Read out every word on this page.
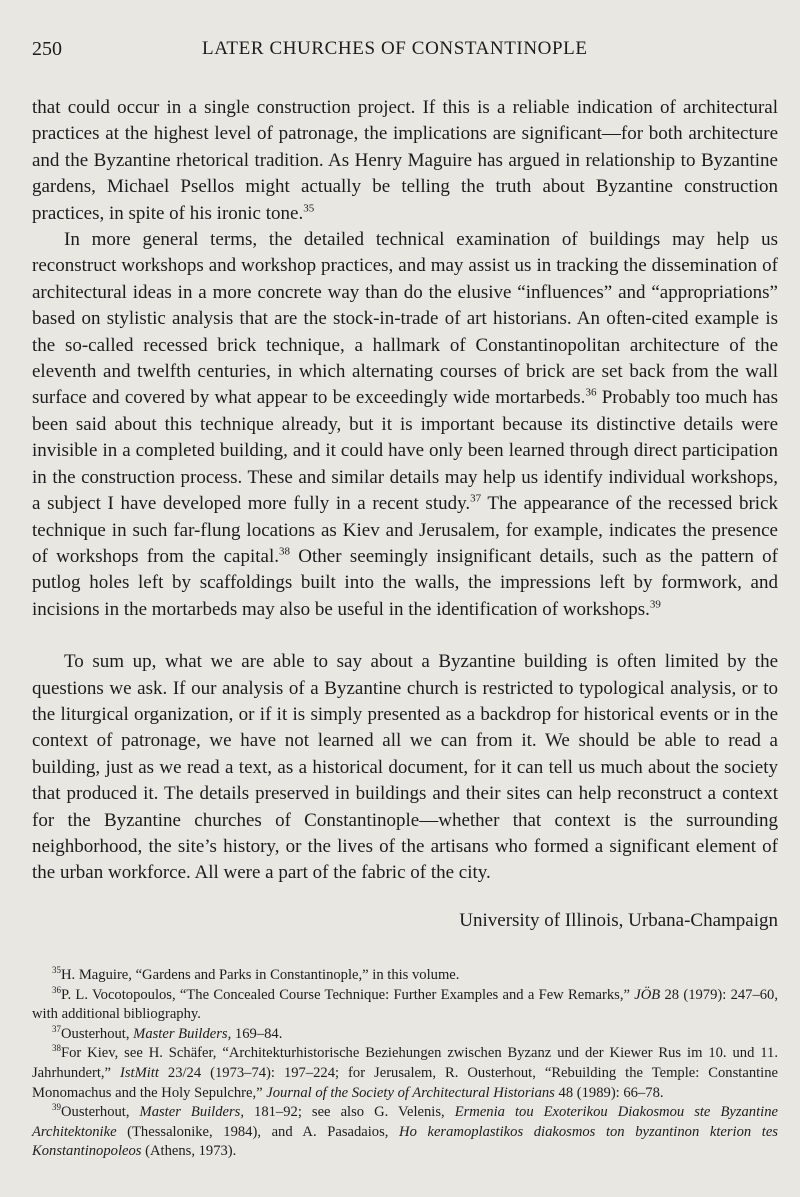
250	LATER CHURCHES OF CONSTANTINOPLE

that could occur in a single construction project. If this is a reliable indication of architectural practices at the highest level of patronage, the implications are significant—for both architecture and the Byzantine rhetorical tradition. As Henry Maguire has argued in relationship to Byzantine gardens, Michael Psellos might actually be telling the truth about Byzantine construction practices, in spite of his ironic tone.$^{35}$

In more general terms, the detailed technical examination of buildings may help us reconstruct workshops and workshop practices, and may assist us in tracking the dissemination of architectural ideas in a more concrete way than do the elusive “influences” and “appropriations” based on stylistic analysis that are the stock-in-trade of art historians. An often-cited example is the so-called recessed brick technique, a hallmark of Constantinopolitan architecture of the eleventh and twelfth centuries, in which alternating courses of brick are set back from the wall surface and covered by what appear to be exceedingly wide mortarbeds.$^{36}$ Probably too much has been said about this technique already, but it is important because its distinctive details were invisible in a completed building, and it could have only been learned through direct participation in the construction process. These and similar details may help us identify individual workshops, a subject I have developed more fully in a recent study.$^{37}$ The appearance of the recessed brick technique in such far-flung locations as Kiev and Jerusalem, for example, indicates the presence of workshops from the capital.$^{38}$ Other seemingly insignificant details, such as the pattern of putlog holes left by scaffoldings built into the walls, the impressions left by formwork, and incisions in the mortarbeds may also be useful in the identification of workshops.$^{39}$

To sum up, what we are able to say about a Byzantine building is often limited by the questions we ask. If our analysis of a Byzantine church is restricted to typological analysis, or to the liturgical organization, or if it is simply presented as a backdrop for historical events or in the context of patronage, we have not learned all we can from it. We should be able to read a building, just as we read a text, as a historical document, for it can tell us much about the society that produced it. The details preserved in buildings and their sites can help reconstruct a context for the Byzantine churches of Constantinople—whether that context is the surrounding neighborhood, the site’s history, or the lives of the artisans who formed a significant element of the urban workforce. All were a part of the fabric of the city.

University of Illinois, Urbana-Champaign

$^{35}$H. Maguire, “Gardens and Parks in Constantinople,” in this volume.

$^{36}$P. L. Vocotopoulos, “The Concealed Course Technique: Further Examples and a Few Remarks,” JÖB 28 (1979): 247–60, with additional bibliography.

$^{37}$Ousterhout, Master Builders, 169–84.

$^{38}$For Kiev, see H. Schäfer, “Architekturhistorische Beziehungen zwischen Byzanz und der Kiewer Rus im 10. und 11. Jahrhundert,” IstMitt 23/24 (1973–74): 197–224; for Jerusalem, R. Ousterhout, “Rebuilding the Temple: Constantine Monomachus and the Holy Sepulchre,” Journal of the Society of Architectural Historians 48 (1989): 66–78.

$^{39}$Ousterhout, Master Builders, 181–92; see also G. Velenis, Ermenia tou Exoterikou Diakosmou ste Byzantine Architektonike (Thessalonike, 1984), and A. Pasadaios, Ho keramoplastikos diakosmos ton byzantinon kterion tes Konstantinopoleos (Athens, 1973).
